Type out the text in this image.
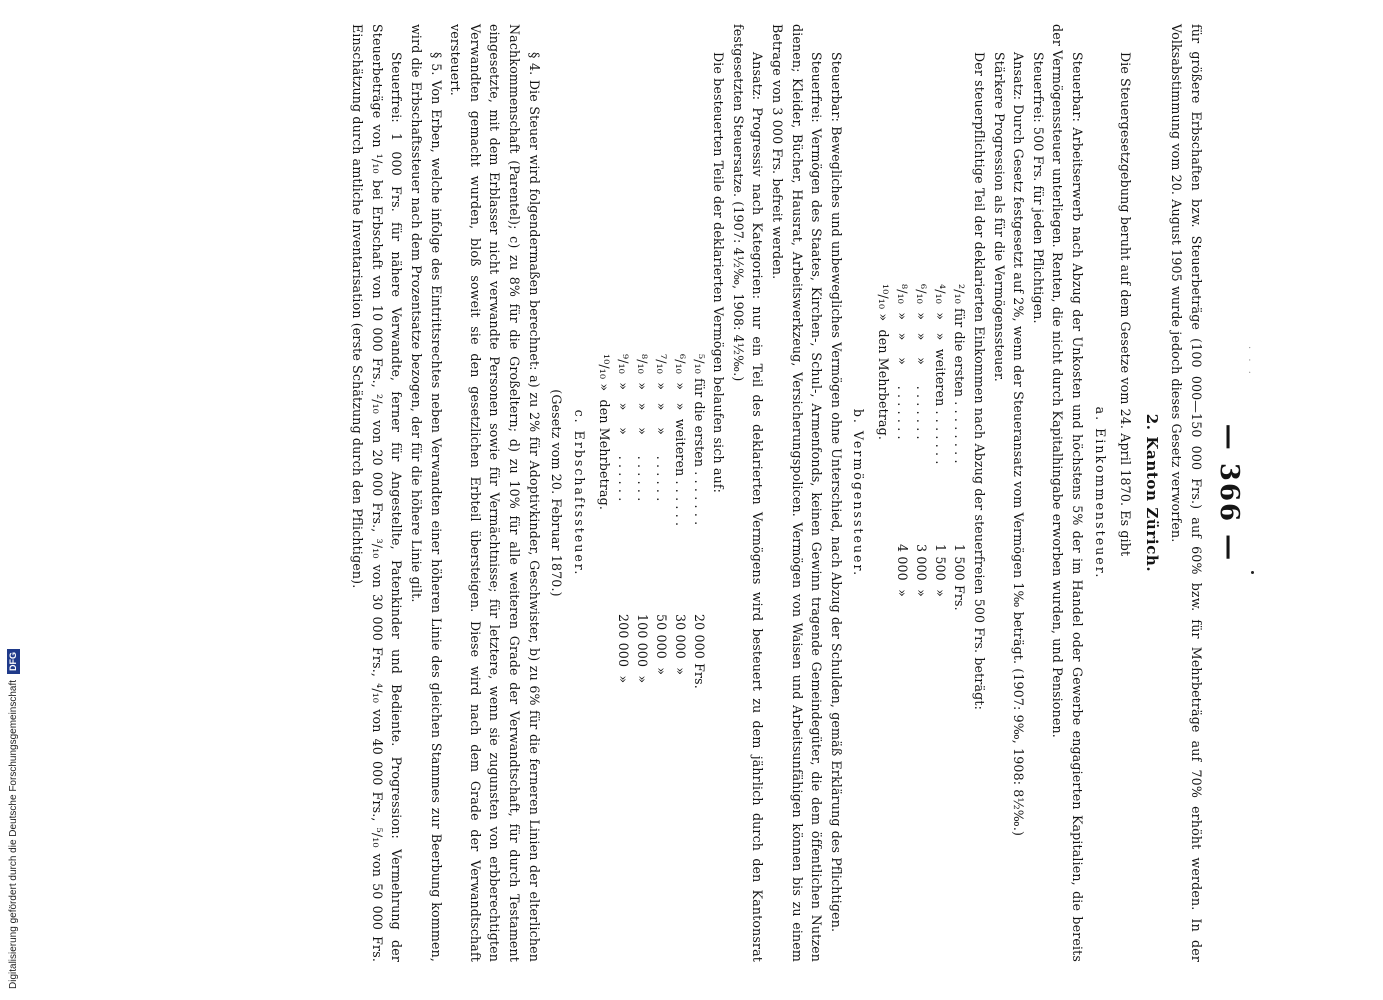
· · ·
— 366 —

für größere Erbschaften bzw. Steuerbeträge (100 000—150 000 Frs.) auf 60% bzw. für Mehrbeträge auf 70% erhöht werden. In der Volksabstimmung vom 20. August 1905 wurde jedoch dieses Gesetz verworfen.

2. Kanton Zürich.

Die Steuergesetzgebung beruht auf dem Gesetze vom 24. April 1870. Es gibt

a. Einkommensteuer.

Steuerbar: Arbeitserwerb nach Abzug der Unkosten und höchstens 5% der im Handel oder Gewerbe engagierten Kapitalien, die bereits der Vermögenssteuer unterliegen. Renten, die nicht durch Kapitalhingabe erworben wurden, und Pensionen.

Steuerfrei: 500 Frs. für jeden Pflichtigen.

Ansatz: Durch Gesetz festgesetzt auf 2%, wenn der Steueransatz vom Vermögen 1‰ beträgt. (1907: 9‰, 1908: 8½‰.)

Stärkere Progression als für die Vermögenssteuer.

Der steuerpflichtige Teil der deklarierten Einkommen nach Abzug der steuerfreien 500 Frs. beträgt:

²/₁₀ für die ersten . . . . . . . .
1 500 Frs.
⁴/₁₀  »   »  weiteren . . . . . . .
1 500  »
⁶/₁₀  »   »    »     . . . . . . .
3 000  »
⁸/₁₀  »   »    »     . . . . . . .
4 000  »
¹⁰/₁₀ »  den Mehrbetrag.
b. Vermögenssteuer.

Steuerbar: Bewegliches und unbewegliches Vermögen ohne Unterschied, nach Abzug der Schulden, gemäß Erklärung des Pflichtigen.

Steuerfrei: Vermögen des Staates, Kirchen-, Schul-, Armenfonds, keinen Gewinn tragende Gemeindegüter, die dem öffentlichen Nutzen dienen; Kleider, Bücher, Hausrat, Arbeitswerkzeug, Versicherungspolicen. Vermögen von Waisen und Arbeitsunfähigen können bis zu einem Betrage von 3 000 Frs. befreit werden.

Ansatz: Progressiv nach Kategorien: nur ein Teil des deklarierten Vermögens wird besteuert zu dem jährlich durch den Kantonsrat festgesetzten Steuersatze. (1907: 4½‰, 1908: 4½‰.)

Die besteuerten Teile der deklarierten Vermögen belaufen sich auf:

⁵/₁₀ für die ersten . . . . . . .
20 000 Frs.
⁶/₁₀  »   »  weiteren . . . . . .
30 000  »
⁷/₁₀  »   »    »     . . . . . .
50 000  »
⁸/₁₀  »   »    »     . . . . . .
100 000  »
⁹/₁₀  »   »    »     . . . . . .
200 000  »
¹⁰/₁₀ »  den Mehrbetrag.
c. Erbschaftssteuer.
(Gesetz vom 20. Februar 1870.)

§ 4. Die Steuer wird folgendermaßen berechnet: a) zu 2% für Adoptivkinder, Geschwister, b) zu 6% für die ferneren Linien der elterlichen Nachkommenschaft (Parentel); c) zu 8% für die Großeltern; d) zu 10% für alle weiteren Grade der Verwandtschaft, für durch Testament eingesetzte, mit dem Erblasser nicht verwandte Personen sowie für Vermächtnisse; für letztere, wenn sie zugunsten von erbberechtigten Verwandten gemacht wurden, bloß soweit sie den gesetzlichen Erbteil übersteigen. Diese wird nach dem Grade der Verwandtschaft versteuert.

§ 5. Von Erben, welche infolge des Eintrittsrechtes neben Verwandten einer höheren Linie des gleichen Stammes zur Beerbung kommen, wird die Erbschaftssteuer nach dem Prozentsatze bezogen, der für die höhere Linie gilt.

Steuerfrei: 1 000 Frs. für nähere Verwandte, ferner für Angestellte, Patenkinder und Bediente. Progression: Vermehrung der Steuerbeträge von ¹/₁₀ bei Erbschaft von 10 000 Frs., ²/₁₀ von 20 000 Frs., ³/₁₀ von 30 000 Frs., ⁴/₁₀ von 40 000 Frs., ⁵/₁₀ von 50 000 Frs. Einschätzung durch amtliche Inventarisation (erste Schätzung durch den Pflichtigen).

Digitalisierung gefördert durch die Deutsche Forschungsgemeinschaft
DFG
